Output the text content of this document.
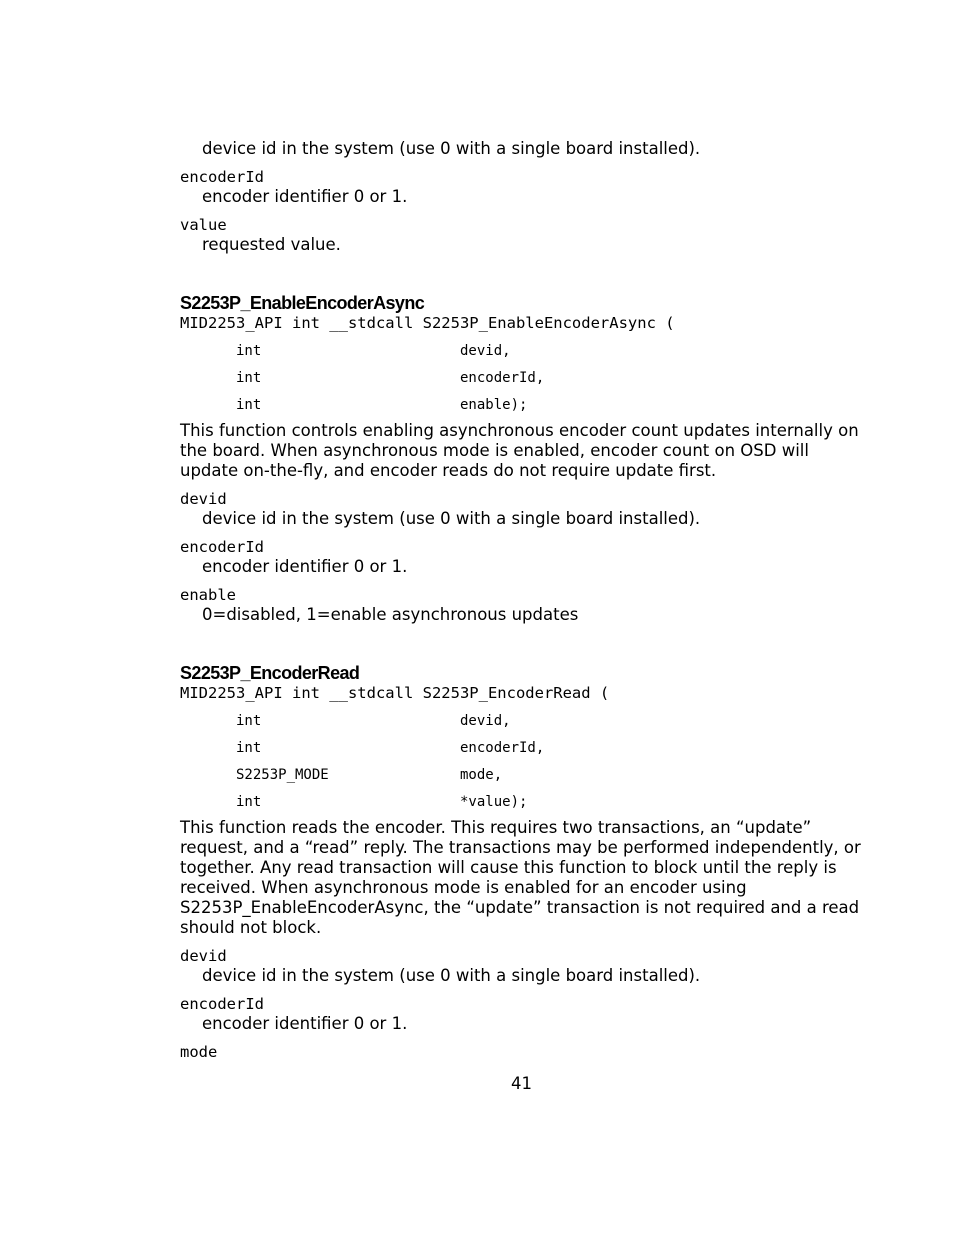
device id in the system (use 0 with a single board installed).
encoderId
encoder identifier 0 or 1.
value
requested value.
S2253P_EnableEncoderAsync
MID2253_API int __stdcall S2253P_EnableEncoderAsync (
int	devid,
int	encoderId,
int	enable);
This function controls enabling asynchronous encoder count updates internally on the board. When asynchronous mode is enabled, encoder count on OSD will update on-the-fly, and encoder reads do not require update first.
devid
device id in the system (use 0 with a single board installed).
encoderId
encoder identifier 0 or 1.
enable
0=disabled, 1=enable asynchronous updates
S2253P_EncoderRead
MID2253_API int __stdcall S2253P_EncoderRead (
int	devid,
int	encoderId,
S2253P_MODE	mode,
int	*value);
This function reads the encoder. This requires two transactions, an “update” request, and a “read” reply. The transactions may be performed independently, or together. Any read transaction will cause this function to block until the reply is received. When asynchronous mode is enabled for an encoder using S2253P_EnableEncoderAsync, the “update” transaction is not required and a read should not block.
devid
device id in the system (use 0 with a single board installed).
encoderId
encoder identifier 0 or 1.
mode
41
